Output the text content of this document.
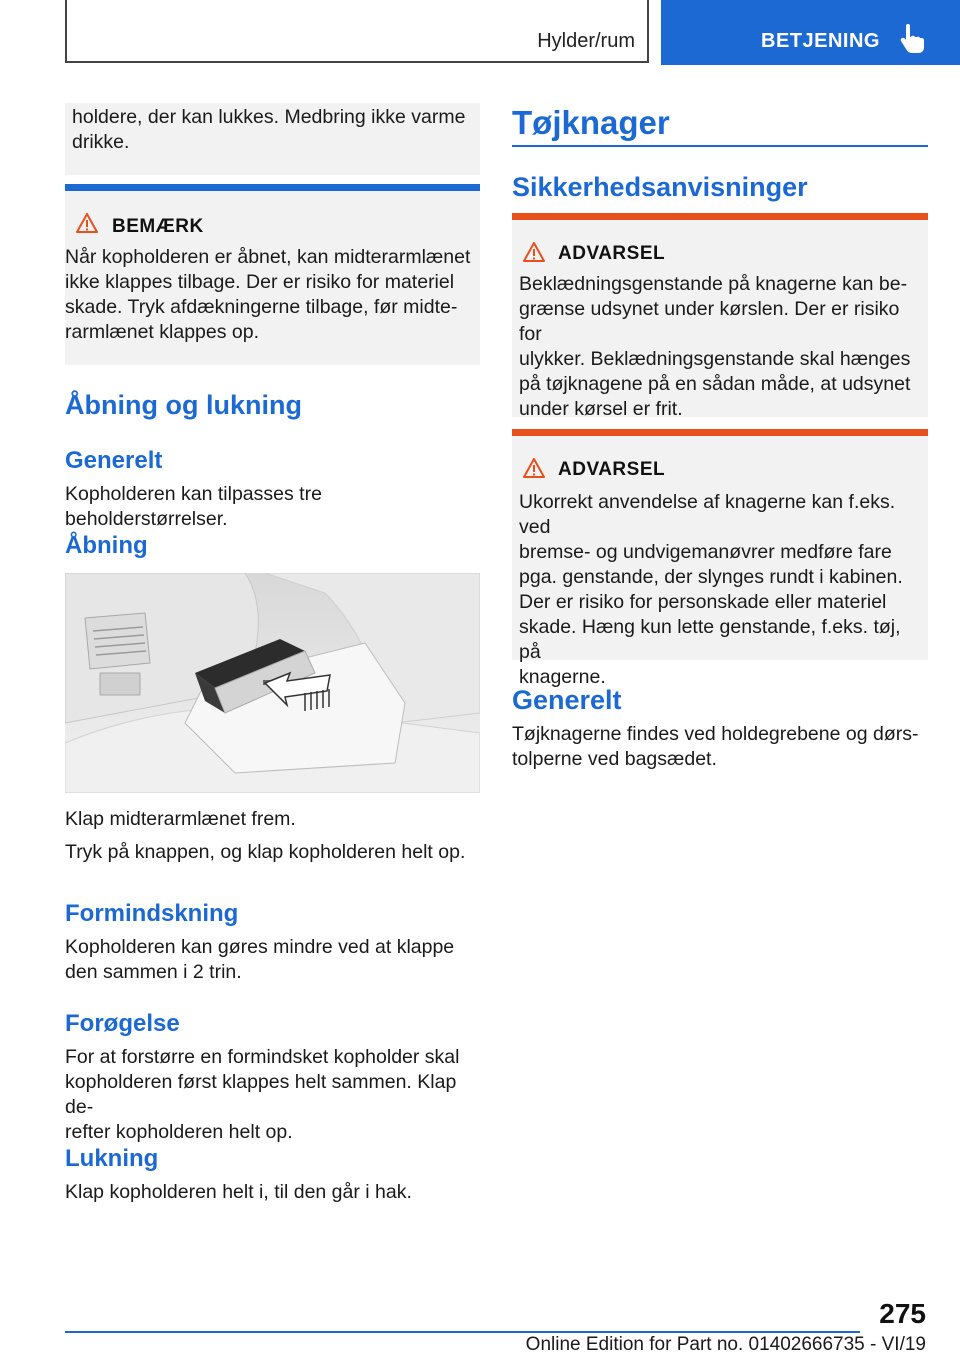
Hylder/rum	BETJENING
holdere, der kan lukkes. Medbring ikke varme drikke.
BEMÆRK
Når kopholderen er åbnet, kan midterarmlænet
ikke klappes tilbage. Der er risiko for materiel
skade. Tryk afdækningerne tilbage, før midte-
rarmlænet klappes op.
Åbning og lukning
Generelt
Kopholderen kan tilpasses tre beholderstørrelser.
Åbning
Klap midterarmlænet frem.
Tryk på knappen, og klap kopholderen helt op.
Formindskning
Kopholderen kan gøres mindre ved at klappe
den sammen i 2 trin.
Forøgelse
For at forstørre en formindsket kopholder skal
kopholderen først klappes helt sammen. Klap de-
refter kopholderen helt op.
Lukning
Klap kopholderen helt i, til den går i hak.
Tøjknager
Sikkerhedsanvisninger
ADVARSEL
Beklædningsgenstande på knagerne kan be-
grænse udsynet under kørslen. Der er risiko for
ulykker. Beklædningsgenstande skal hænges
på tøjknagene på en sådan måde, at udsynet
under kørsel er frit.
ADVARSEL
Ukorrekt anvendelse af knagerne kan f.eks. ved
bremse- og undvigemanøvrer medføre fare
pga. genstande, der slynges rundt i kabinen.
Der er risiko for personskade eller materiel
skade. Hæng kun lette genstande, f.eks. tøj, på
knagerne.
Generelt
Tøjknagerne findes ved holdegrebene og dørs-
tolperne ved bagsædet.
275
Online Edition for Part no. 01402666735 - VI/19
